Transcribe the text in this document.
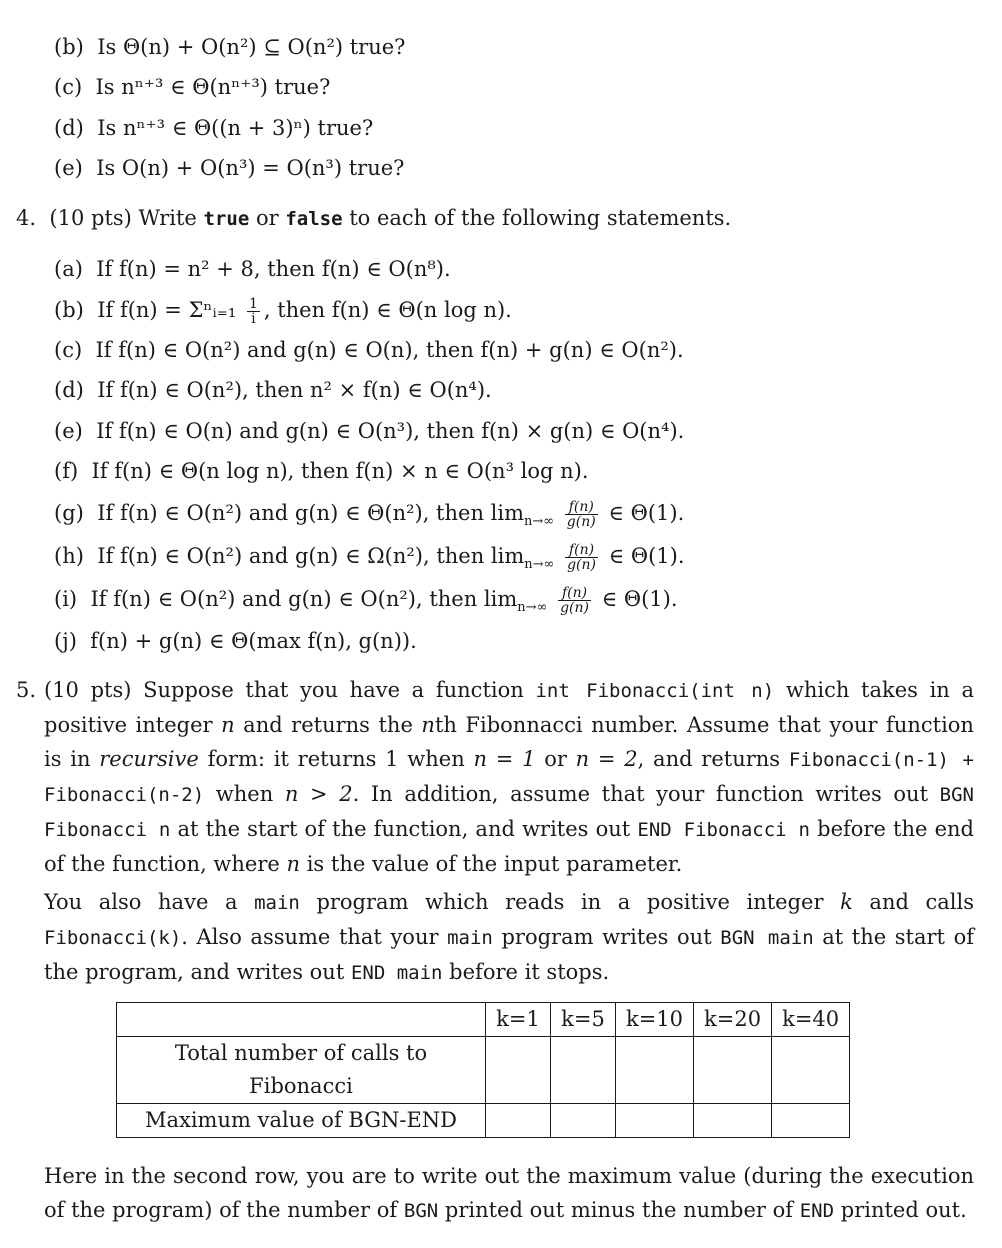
(b) Is Θ(n) + O(n²) ⊆ O(n²) true?
(c) Is nⁿ⁺³ ∈ Θ(nⁿ⁺³) true?
(d) Is nⁿ⁺³ ∈ Θ((n + 3)ⁿ) true?
(e) Is O(n) + O(n³) = O(n³) true?
4. (10 pts) Write true or false to each of the following statements.
(a) If f(n) = n² + 8, then f(n) ∈ O(n⁸).
(b) If f(n) = Σⁿᵢ₌₁ $\frac{1}{i}$ , then f(n) ∈ Θ(n log n).
(c) If f(n) ∈ O(n²) and g(n) ∈ O(n), then f(n) + g(n) ∈ O(n²).
(d) If f(n) ∈ O(n²), then n² × f(n) ∈ O(n⁴).
(e) If f(n) ∈ O(n) and g(n) ∈ O(n³), then f(n) × g(n) ∈ O(n⁴).
(f) If f(n) ∈ Θ(n log n), then f(n) × n ∈ O(n³ log n).
(g) If f(n) ∈ O(n²) and g(n) ∈ Θ(n²), then $\lim_{n\to\infty} \frac{f(n)}{g(n)}$ ∈ Θ(1).
(h) If f(n) ∈ O(n²) and g(n) ∈ Ω(n²), then $\lim_{n\to\infty} \frac{f(n)}{g(n)}$ ∈ Θ(1).
(i) If f(n) ∈ O(n²) and g(n) ∈ O(n²), then $\lim_{n\to\infty} \frac{f(n)}{g(n)}$ ∈ Θ(1).
(j) f(n) + g(n) ∈ Θ(max f(n), g(n)).
5. (10 pts) Suppose that you have a function int Fibonacci(int n) which takes in a positive integer n and returns the nth Fibonnacci number. Assume that your function is in recursive form: it returns 1 when n = 1 or n = 2, and returns Fibonacci(n-1) + Fibonacci(n-2) when n > 2. In addition, assume that your function writes out BGN Fibonacci n at the start of the function, and writes out END Fibonacci n before the end of the function, where n is the value of the input parameter.
You also have a main program which reads in a positive integer k and calls Fibonacci(k). Also assume that your main program writes out BGN main at the start of the program, and writes out END main before it stops.
	k=1	k=5	k=10	k=20	k=40
Total number of calls to Fibonacci					
Maximum value of BGN-END					
Here in the second row, you are to write out the maximum value (during the execution of the program) of the number of BGN printed out minus the number of END printed out.
